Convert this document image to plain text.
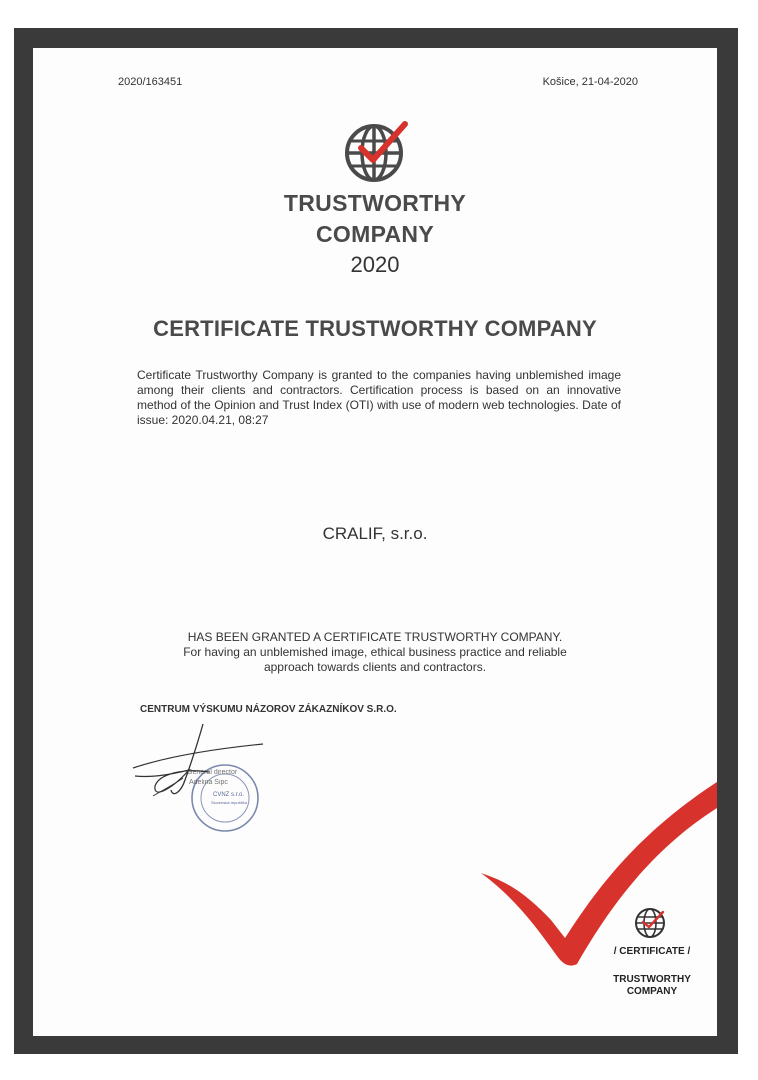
2020/163451	Košice, 21-04-2020
TRUSTWORTHY
COMPANY
2020
CERTIFICATE TRUSTWORTHY COMPANY
Certificate Trustworthy Company is granted to the companies having unblemished image among their clients and contractors. Certification process is based on an innovative method of the Opinion and Trust Index (OTI) with use of modern web technologies. Date of issue: 2020.04.21, 08:27
CRALIF, s.r.o.
HAS BEEN GRANTED A CERTIFICATE TRUSTWORTHY COMPANY.
For having an unblemished image, ethical business practice and reliable
approach towards clients and contractors.
CENTRUM VÝSKUMU NÁZOROV ZÁKAZNÍKOV S.R.O.
CVNZ s.r.o.
Slovenská republika
General director
Adelina Sipc
/ CERTIFICATE /
TRUSTWORTHY
COMPANY
